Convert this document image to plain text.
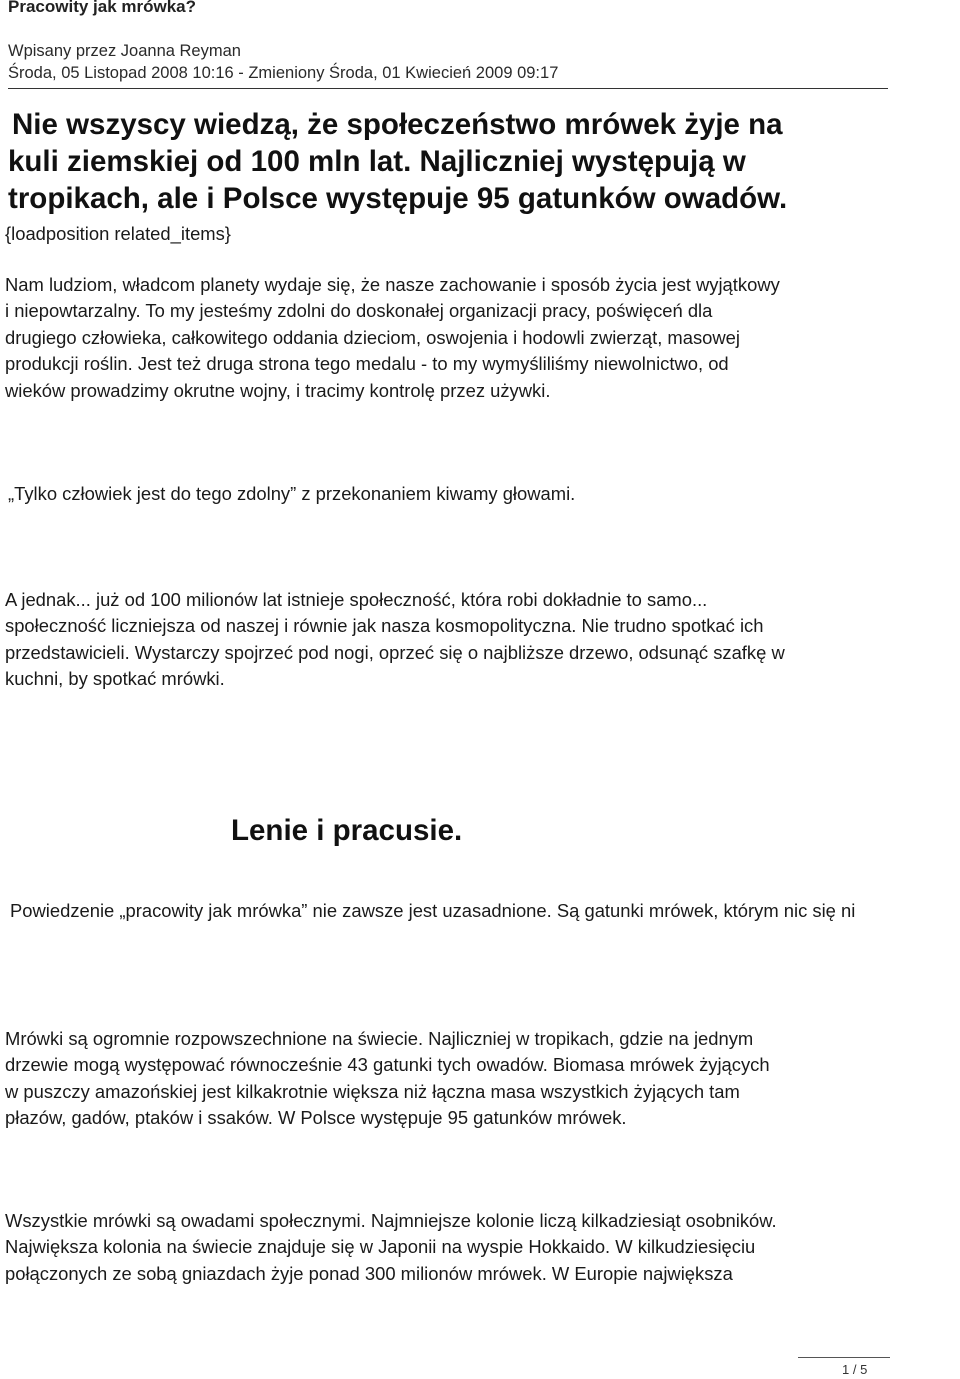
Pracowity jak mrówka?
Wpisany przez Joanna Reyman
Środa, 05 Listopad 2008 10:16 - Zmieniony Środa, 01 Kwiecień 2009 09:17
Nie wszyscy wiedzą, że społeczeństwo mrówek żyje na
kuli ziemskiej od 100 mln lat. Najliczniej występują w
tropikach, ale i Polsce występuje 95 gatunków owadów.
{loadposition related_items}
Nam ludziom, władcom planety wydaje się, że nasze zachowanie i sposób życia jest wyjątkowy
i niepowtarzalny. To my jesteśmy zdolni do doskonałej organizacji pracy, poświęceń dla
drugiego człowieka, całkowitego oddania dzieciom, oswojenia i hodowli zwierząt, masowej
produkcji roślin. Jest też druga strona tego medalu - to my wymyśliliśmy niewolnictwo, od
wieków prowadzimy okrutne wojny, i tracimy kontrolę przez używki.
„Tylko człowiek jest do tego zdolny” z przekonaniem kiwamy głowami.
A jednak... już od 100 milionów lat istnieje społeczność, która robi dokładnie to samo...
społeczność liczniejsza od naszej i równie jak nasza kosmopolityczna. Nie trudno spotkać ich
przedstawicieli. Wystarczy spojrzeć pod nogi, oprzeć się o najbliższe drzewo, odsunąć szafkę w
kuchni, by spotkać mrówki.
Lenie i pracusie.
Powiedzenie „pracowity jak mrówka” nie zawsze jest uzasadnione. Są gatunki mrówek, którym nic się ni
Mrówki są ogromnie rozpowszechnione na świecie. Najliczniej w tropikach, gdzie na jednym
drzewie mogą występować równocześnie 43 gatunki tych owadów. Biomasa mrówek żyjących
w puszczy amazońskiej jest kilkakrotnie większa niż łączna masa wszystkich żyjących tam
płazów, gadów, ptaków i ssaków. W Polsce występuje 95 gatunków mrówek.
Wszystkie mrówki są owadami społecznymi. Najmniejsze kolonie liczą kilkadziesiąt osobników.
Największa kolonia na świecie znajduje się w Japonii na wyspie Hokkaido. W kilkudziesięciu
połączonych ze sobą gniazdach żyje ponad 300 milionów mrówek. W Europie największa
1 / 5
